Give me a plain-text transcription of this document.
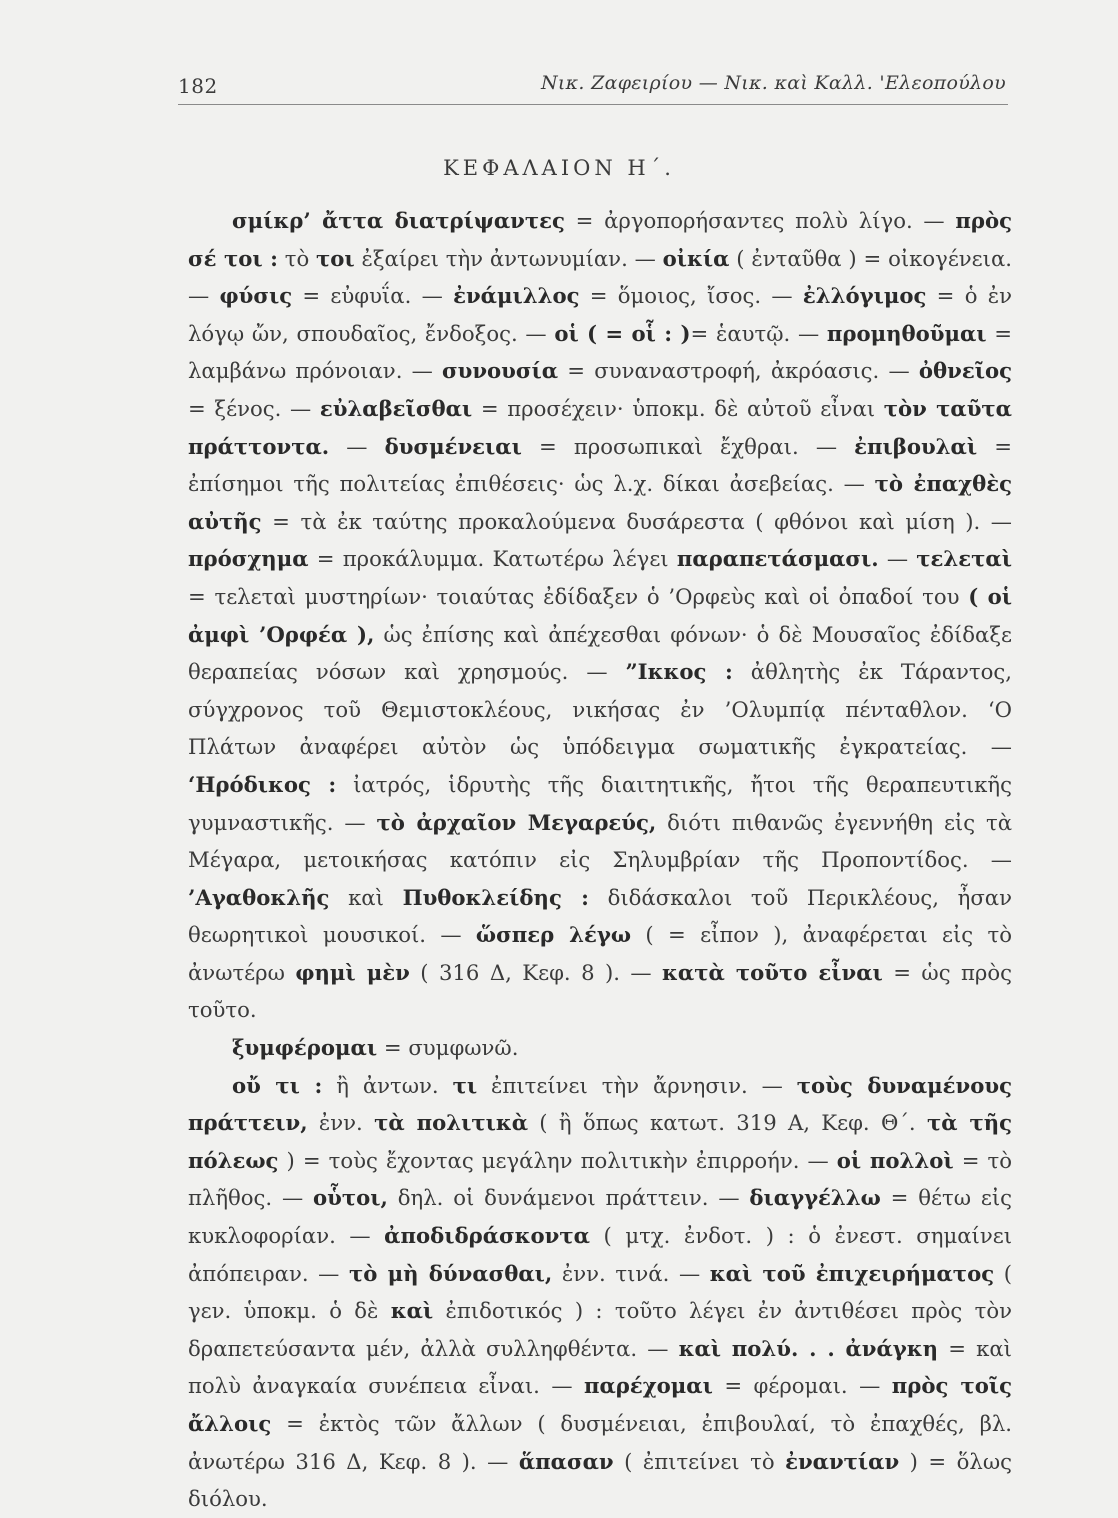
182	Νικ. Ζαφειρίου — Νικ. καὶ Καλλ. 'Ελεοπούλου
ΚΕΦΑΛΑΙΟΝ Η΄.

σμίκρ’ ἄττα διατρίψαντες = ἀργοπορήσαντες πολὺ λίγο. — πρὸς σέ τοι : τὸ τοι ἐξαίρει τὴν ἀντωνυμίαν. — οἰκία ( ἐνταῦθα ) = οἰκογένεια. — φύσις = εὐφυΐα. — ἐνάμιλλος = ὅμοιος, ἴσος. — ἐλλόγιμος = ὁ ἐν λόγῳ ὤν, σπουδαῖος, ἔνδοξος. — οἱ ( = οἷ : )= ἑαυτῷ. — προμηθοῦμαι = λαμβάνω πρόνοιαν. — συνουσία = συναναστροφή, ἀκρόασις. — ὀθνεῖος = ξένος. — εὐλαβεῖσθαι = προσέχειν· ὑποκμ. δὲ αὐτοῦ εἶναι τὸν ταῦτα πράττοντα. — δυσμένειαι = προσωπικαὶ ἔχθραι. — ἐπιβουλαὶ = ἐπίσημοι τῆς πολιτείας ἐπιθέσεις· ὡς λ.χ. δίκαι ἀσεβείας. — τὸ ἐπαχθὲς αὐτῆς = τὰ ἐκ ταύτης προκαλούμενα δυσάρεστα ( φθόνοι καὶ μίση ). — πρόσχημα = προκάλυμμα. Κατωτέρω λέγει παραπετάσμασι. — τελεταὶ = τελεταὶ μυστηρίων· τοιαύτας ἐδίδαξεν ὁ ’Ορφεὺς καὶ οἱ ὀπαδοί του ( οἱ ἀμφὶ ’Ορφέα ), ὡς ἐπίσης καὶ ἀπέχεσθαι φόνων· ὁ δὲ Μουσαῖος ἐδίδαξε θεραπείας νόσων καὶ χρησμούς. — ”Ικκος : ἀθλητὴς ἐκ Τάραντος, σύγχρονος τοῦ Θεμιστοκλέους, νικήσας ἐν ’Ολυμπίᾳ πένταθλον. ‘Ο Πλάτων ἀναφέρει αὐτὸν ὡς ὑπόδειγμα σωματικῆς ἐγκρατείας. — ‘Ηρόδικος : ἰατρός, ἱδρυτὴς τῆς διαιτητικῆς, ἤτοι τῆς θεραπευτικῆς γυμναστικῆς. — τὸ ἀρχαῖον Μεγαρεύς, διότι πιθανῶς ἐγεννήθη εἰς τὰ Μέγαρα, μετοικήσας κατόπιν εἰς Σηλυμβρίαν τῆς Προποντίδος. — ’Αγαθοκλῆς καὶ Πυθοκλείδης : διδάσκαλοι τοῦ Περικλέους, ἦσαν θεωρητικοὶ μουσικοί. — ὥσπερ λέγω ( = εἶπον ), ἀναφέρεται εἰς τὸ ἀνωτέρω φημὶ μὲν ( 316 Δ, Κεφ. 8 ). — κατὰ τοῦτο εἶναι = ὡς πρὸς τοῦτο.

ξυμφέρομαι = συμφωνῶ.

οὔ τι : ἢ ἀντων. τι ἐπιτείνει τὴν ἄρνησιν. — τοὺς δυναμένους πράττειν, ἐνν. τὰ πολιτικὰ ( ἢ ὅπως κατωτ. 319 Α, Κεφ. Θ΄. τὰ τῆς πόλεως ) = τοὺς ἔχοντας μεγάλην πολιτικὴν ἐπιρροήν. — οἱ πολλοὶ = τὸ πλῆθος. — οὗτοι, δηλ. οἱ δυνάμενοι πράττειν. — διαγγέλλω = θέτω εἰς κυκλοφορίαν. — ἀποδιδράσκοντα ( μτχ. ἐνδοτ. ) : ὁ ἐνεστ. σημαίνει ἀπόπειραν. — τὸ μὴ δύνασθαι, ἐνν. τινά. — καὶ τοῦ ἐπιχειρήματος ( γεν. ὑποκμ. ὁ δὲ καὶ ἐπιδοτικός ) : τοῦτο λέγει ἐν ἀντιθέσει πρὸς τὸν δραπετεύσαντα μέν, ἀλλὰ συλληφθέντα. — καὶ πολύ. . . ἀνάγκη = καὶ πολὺ ἀναγκαία συνέπεια εἶναι. — παρέχομαι = φέρομαι. — πρὸς τοῖς ἄλλοις = ἐκτὸς τῶν ἄλλων ( δυσμένειαι, ἐπιβουλαί, τὸ ἐπαχθές, βλ. ἀνωτέρω 316 Δ, Κεφ. 8 ). — ἅπασαν ( ἐπιτείνει τὸ ἐναντίαν ) = ὅλως διόλου.
